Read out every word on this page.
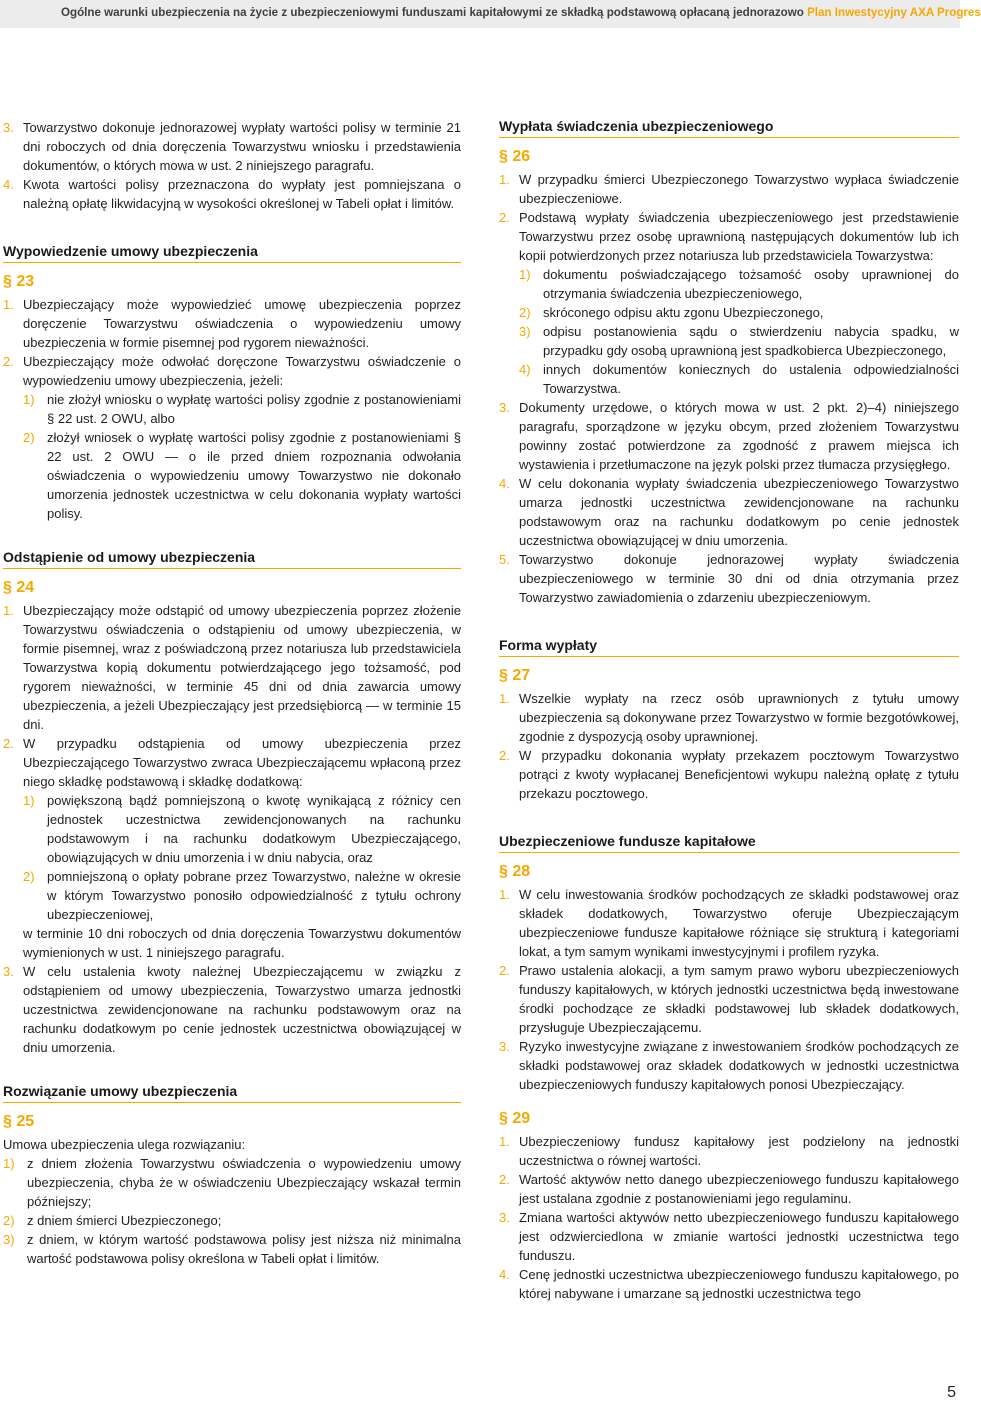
Ogólne warunki ubezpieczenia na życie z ubezpieczeniowymi funduszami kapitałowymi ze składką podstawową opłacaną jednorazowo Plan Inwestycyjny AXA Progres
3. Towarzystwo dokonuje jednorazowej wypłaty wartości polisy w terminie 21 dni roboczych od dnia doręczenia Towarzystwu wniosku i przedstawienia dokumentów, o których mowa w ust. 2 niniejszego paragrafu.
4. Kwota wartości polisy przeznaczona do wypłaty jest pomniejszana o należną opłatę likwidacyjną w wysokości określonej w Tabeli opłat i limitów.
Wypowiedzenie umowy ubezpieczenia
§ 23
1. Ubezpieczający może wypowiedzieć umowę ubezpieczenia poprzez doręczenie Towarzystwu oświadczenia o wypowiedzeniu umowy ubezpieczenia w formie pisemnej pod rygorem nieważności.
2. Ubezpieczający może odwołać doręczone Towarzystwu oświadczenie o wypowiedzeniu umowy ubezpieczenia, jeżeli:
1) nie złożył wniosku o wypłatę wartości polisy zgodnie z postanowieniami § 22 ust. 2 OWU, albo
2) złożył wniosek o wypłatę wartości polisy zgodnie z postanowieniami § 22 ust. 2 OWU — o ile przed dniem rozpoznania odwołania oświadczenia o wypowiedzeniu umowy Towarzystwo nie dokonało umorzenia jednostek uczestnictwa w celu dokonania wypłaty wartości polisy.
Odstąpienie od umowy ubezpieczenia
§ 24
1. Ubezpieczający może odstąpić od umowy ubezpieczenia poprzez złożenie Towarzystwu oświadczenia o odstąpieniu od umowy ubezpieczenia, w formie pisemnej, wraz z poświadczoną przez notariusza lub przedstawiciela Towarzystwa kopią dokumentu potwierdzającego jego tożsamość, pod rygorem nieważności, w terminie 45 dni od dnia zawarcia umowy ubezpieczenia, a jeżeli Ubezpieczający jest przedsiębiorcą — w terminie 15 dni.
2. W przypadku odstąpienia od umowy ubezpieczenia przez Ubezpieczającego Towarzystwo zwraca Ubezpieczającemu wpłaconą przez niego składkę podstawową i składkę dodatkową:
1) powiększoną bądź pomniejszoną o kwotę wynikającą z różnicy cen jednostek uczestnictwa zewidencjonowanych na rachunku podstawowym i na rachunku dodatkowym Ubezpieczającego, obowiązujących w dniu umorzenia i w dniu nabycia, oraz
2) pomniejszoną o opłaty pobrane przez Towarzystwo, należne w okresie w którym Towarzystwo ponosiło odpowiedzialność z tytułu ochrony ubezpieczeniowej,
w terminie 10 dni roboczych od dnia doręczenia Towarzystwu dokumentów wymienionych w ust. 1 niniejszego paragrafu.
3. W celu ustalenia kwoty należnej Ubezpieczającemu w związku z odstąpieniem od umowy ubezpieczenia, Towarzystwo umarza jednostki uczestnictwa zewidencjonowane na rachunku podstawowym oraz na rachunku dodatkowym po cenie jednostek uczestnictwa obowiązującej w dniu umorzenia.
Rozwiązanie umowy ubezpieczenia
§ 25
Umowa ubezpieczenia ulega rozwiązaniu:
1) z dniem złożenia Towarzystwu oświadczenia o wypowiedzeniu umowy ubezpieczenia, chyba że w oświadczeniu Ubezpieczający wskazał termin późniejszy;
2) z dniem śmierci Ubezpieczonego;
3) z dniem, w którym wartość podstawowa polisy jest niższa niż minimalna wartość podstawowa polisy określona w Tabeli opłat i limitów.
Wypłata świadczenia ubezpieczeniowego
§ 26
1. W przypadku śmierci Ubezpieczonego Towarzystwo wypłaca świadczenie ubezpieczeniowe.
2. Podstawą wypłaty świadczenia ubezpieczeniowego jest przedstawienie Towarzystwu przez osobę uprawnioną następujących dokumentów lub ich kopii potwierdzonych przez notariusza lub przedstawiciela Towarzystwa:
1) dokumentu poświadczającego tożsamość osoby uprawnionej do otrzymania świadczenia ubezpieczeniowego,
2) skróconego odpisu aktu zgonu Ubezpieczonego,
3) odpisu postanowienia sądu o stwierdzeniu nabycia spadku, w przypadku gdy osobą uprawnioną jest spadkobierca Ubezpieczonego,
4) innych dokumentów koniecznych do ustalenia odpowiedzialności Towarzystwa.
3. Dokumenty urzędowe, o których mowa w ust. 2 pkt. 2)–4) niniejszego paragrafu, sporządzone w języku obcym, przed złożeniem Towarzystwu powinny zostać potwierdzone za zgodność z prawem miejsca ich wystawienia i przetłumaczone na język polski przez tłumacza przysięgłego.
4. W celu dokonania wypłaty świadczenia ubezpieczeniowego Towarzystwo umarza jednostki uczestnictwa zewidencjonowane na rachunku podstawowym oraz na rachunku dodatkowym po cenie jednostek uczestnictwa obowiązującej w dniu umorzenia.
5. Towarzystwo dokonuje jednorazowej wypłaty świadczenia ubezpieczeniowego w terminie 30 dni od dnia otrzymania przez Towarzystwo zawiadomienia o zdarzeniu ubezpieczeniowym.
Forma wypłaty
§ 27
1. Wszelkie wypłaty na rzecz osób uprawnionych z tytułu umowy ubezpieczenia są dokonywane przez Towarzystwo w formie bezgotówkowej, zgodnie z dyspozycją osoby uprawnionej.
2. W przypadku dokonania wypłaty przekazem pocztowym Towarzystwo potrąci z kwoty wypłacanej Beneficjentowi wykupu należną opłatę z tytułu przekazu pocztowego.
Ubezpieczeniowe fundusze kapitałowe
§ 28
1. W celu inwestowania środków pochodzących ze składki podstawowej oraz składek dodatkowych, Towarzystwo oferuje Ubezpieczającym ubezpieczeniowe fundusze kapitałowe różniące się strukturą i kategoriami lokat, a tym samym wynikami inwestycyjnymi i profilem ryzyka.
2. Prawo ustalenia alokacji, a tym samym prawo wyboru ubezpieczeniowych funduszy kapitałowych, w których jednostki uczestnictwa będą inwestowane środki pochodzące ze składki podstawowej lub składek dodatkowych, przysługuje Ubezpieczającemu.
3. Ryzyko inwestycyjne związane z inwestowaniem środków pochodzących ze składki podstawowej oraz składek dodatkowych w jednostki uczestnictwa ubezpieczeniowych funduszy kapitałowych ponosi Ubezpieczający.
§ 29
1. Ubezpieczeniowy fundusz kapitałowy jest podzielony na jednostki uczestnictwa o równej wartości.
2. Wartość aktywów netto danego ubezpieczeniowego funduszu kapitałowego jest ustalana zgodnie z postanowieniami jego regulaminu.
3. Zmiana wartości aktywów netto ubezpieczeniowego funduszu kapitałowego jest odzwierciedlona w zmianie wartości jednostki uczestnictwa tego funduszu.
4. Cenę jednostki uczestnictwa ubezpieczeniowego funduszu kapitałowego, po której nabywane i umarzane są jednostki uczestnictwa tego
5
